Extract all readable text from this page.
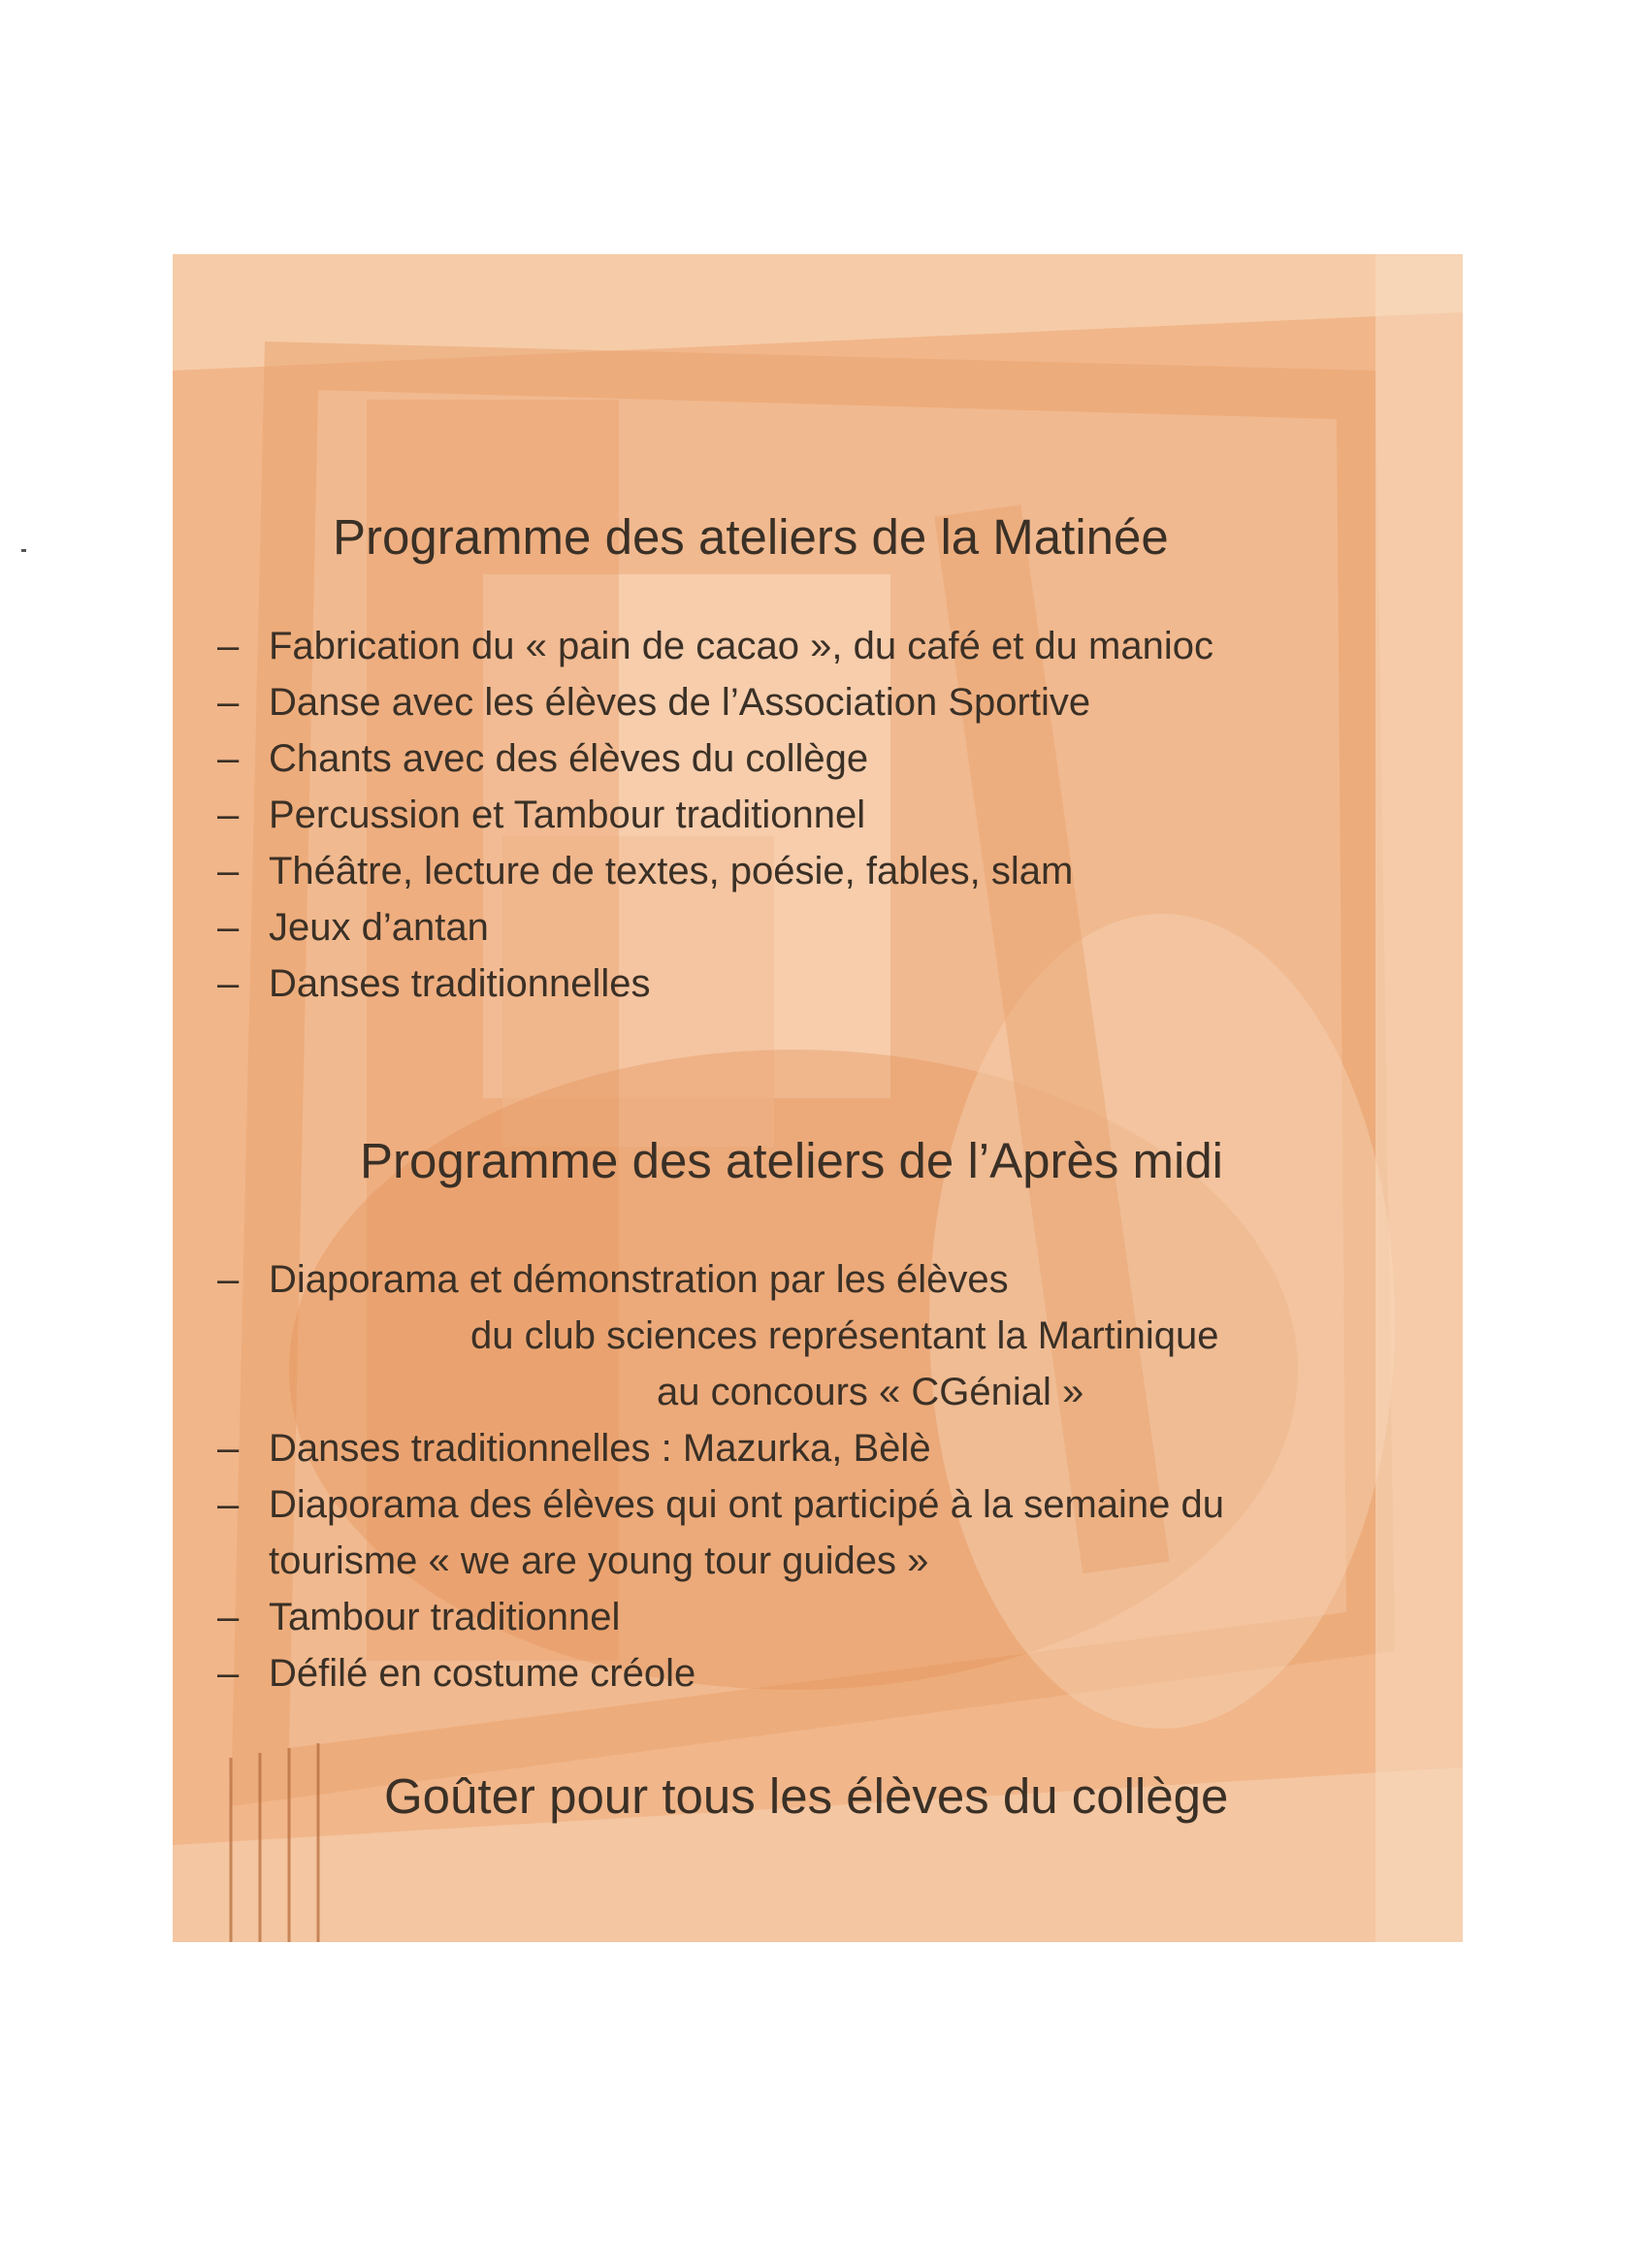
Programme des ateliers de la Matinée
– Fabrication du « pain de cacao », du café et du manioc
– Danse avec les élèves de l’Association Sportive
– Chants avec des élèves du collège
– Percussion et Tambour traditionnel
– Théâtre, lecture de textes, poésie, fables, slam
– Jeux d’antan
– Danses traditionnelles
Programme des ateliers de l’Après midi
– Diaporama et démonstration par les élèves
du club sciences représentant la Martinique
au concours « CGénial »
– Danses traditionnelles : Mazurka, Bèlè
– Diaporama des élèves qui ont participé à la semaine du
tourisme « we are young tour guides »
– Tambour traditionnel
– Défilé en costume créole
Goûter pour tous les élèves du collège
